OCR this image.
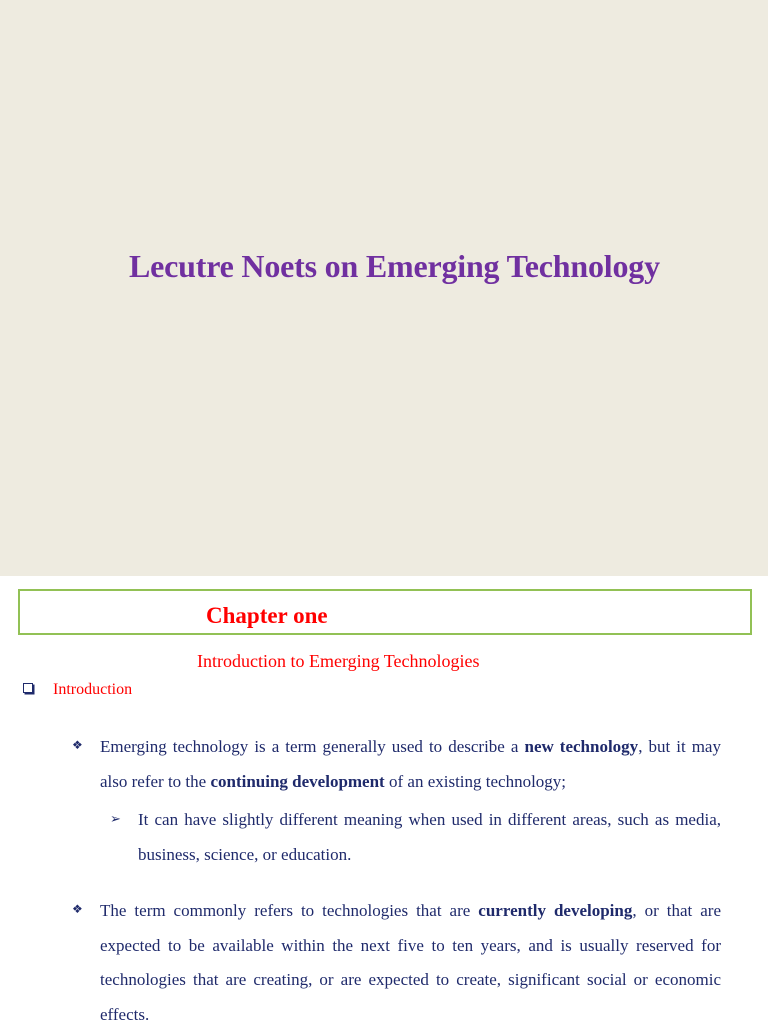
Lecutre Noets on Emerging Technology
Chapter one
Introduction to Emerging Technologies
Introduction
❖ Emerging technology is a term generally used to describe a new technology, but it may also refer to the continuing development of an existing technology;
➢ It can have slightly different meaning when used in different areas, such as media, business, science, or education.
❖ The term commonly refers to technologies that are currently developing, or that are expected to be available within the next five to ten years, and is usually reserved for technologies that are creating, or are expected to create, significant social or economic effects.
